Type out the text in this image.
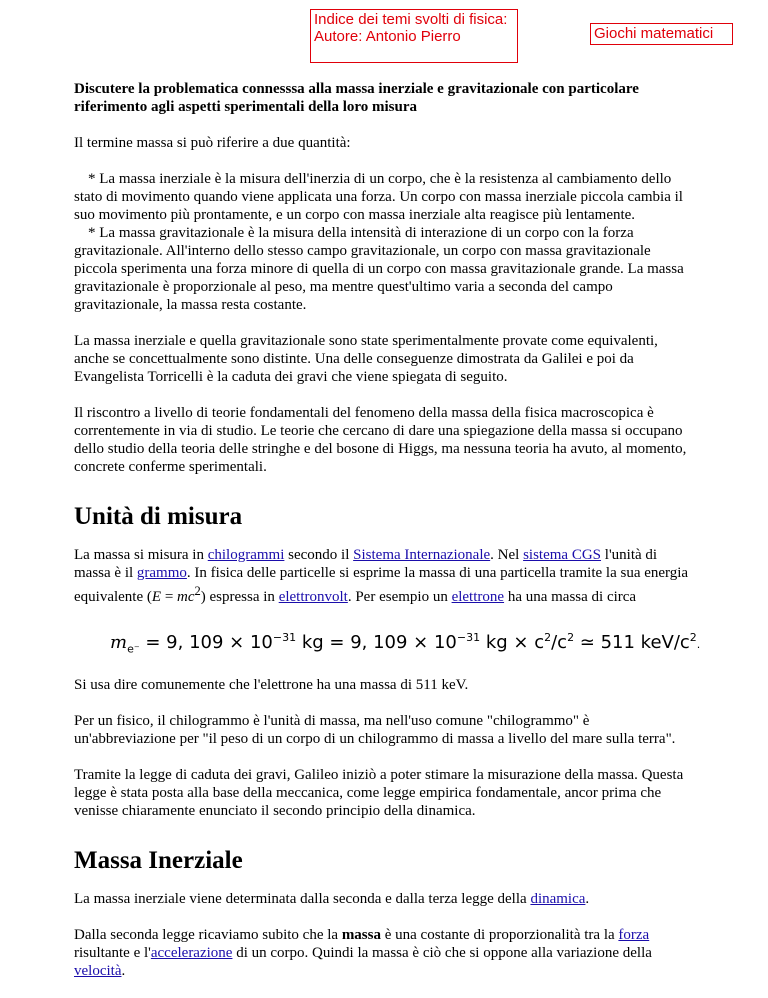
Indice dei temi svolti di fisica:
Autore: Antonio Pierro	Giochi matematici

Discutere la problematica connesssa alla massa inerziale e gravitazionale con particolare riferimento agli aspetti sperimentali della loro misura

Il termine massa si può riferire a due quantità:

* La massa inerziale è la misura dell'inerzia di un corpo, che è la resistenza al cambiamento dello stato di movimento quando viene applicata una forza. Un corpo con massa inerziale piccola cambia il suo movimento più prontamente, e un corpo con massa inerziale alta reagisce più lentamente.

* La massa gravitazionale è la misura della intensità di interazione di un corpo con la forza gravitazionale. All'interno dello stesso campo gravitazionale, un corpo con massa gravitazionale piccola sperimenta una forza minore di quella di un corpo con massa gravitazionale grande. La massa gravitazionale è proporzionale al peso, ma mentre quest'ultimo varia a seconda del campo gravitazionale, la massa resta costante.

La massa inerziale e quella gravitazionale sono state sperimentalmente provate come equivalenti, anche se concettualmente sono distinte. Una delle conseguenze dimostrata da Galilei e poi da Evangelista Torricelli è la caduta dei gravi che viene spiegata di seguito.

Il riscontro a livello di teorie fondamentali del fenomeno della massa della fisica macroscopica è correntemente in via di studio. Le teorie che cercano di dare una spiegazione della massa si occupano dello studio della teoria delle stringhe e del bosone di Higgs, ma nessuna teoria ha avuto, al momento, concrete conferme sperimentali.

Unità di misura

La massa si misura in chilogrammi secondo il Sistema Internazionale. Nel sistema CGS l'unità di massa è il grammo. In fisica delle particelle si esprime la massa di una particella tramite la sua energia equivalente $(E = mc^2)$ espressa in elettronvolt. Per esempio un elettrone ha una massa di circa

$m_{e^-} = 9$, $109 \times 10^{-31}$ kg = 9, $109 \times 10^{-31}$ kg × $c^2/c^2$ ≃ 511 keV/$c^2$.

Si usa dire comunemente che l'elettrone ha una massa di 511 keV.

Per un fisico, il chilogrammo è l'unità di massa, ma nell'uso comune "chilogrammo" è un'abbreviazione per "il peso di un corpo di un chilogrammo di massa a livello del mare sulla terra".

Tramite la legge di caduta dei gravi, Galileo iniziò a poter stimare la misurazione della massa. Questa legge è stata posta alla base della meccanica, come legge empirica fondamentale, ancor prima che venisse chiaramente enunciato il secondo principio della dinamica.

Massa Inerziale

La massa inerziale viene determinata dalla seconda e dalla terza legge della dinamica.

Dalla seconda legge ricaviamo subito che la massa è una costante di proporzionalità tra la forza risultante e l'accelerazione di un corpo. Quindi la massa è ciò che si oppone alla variazione della velocità.
